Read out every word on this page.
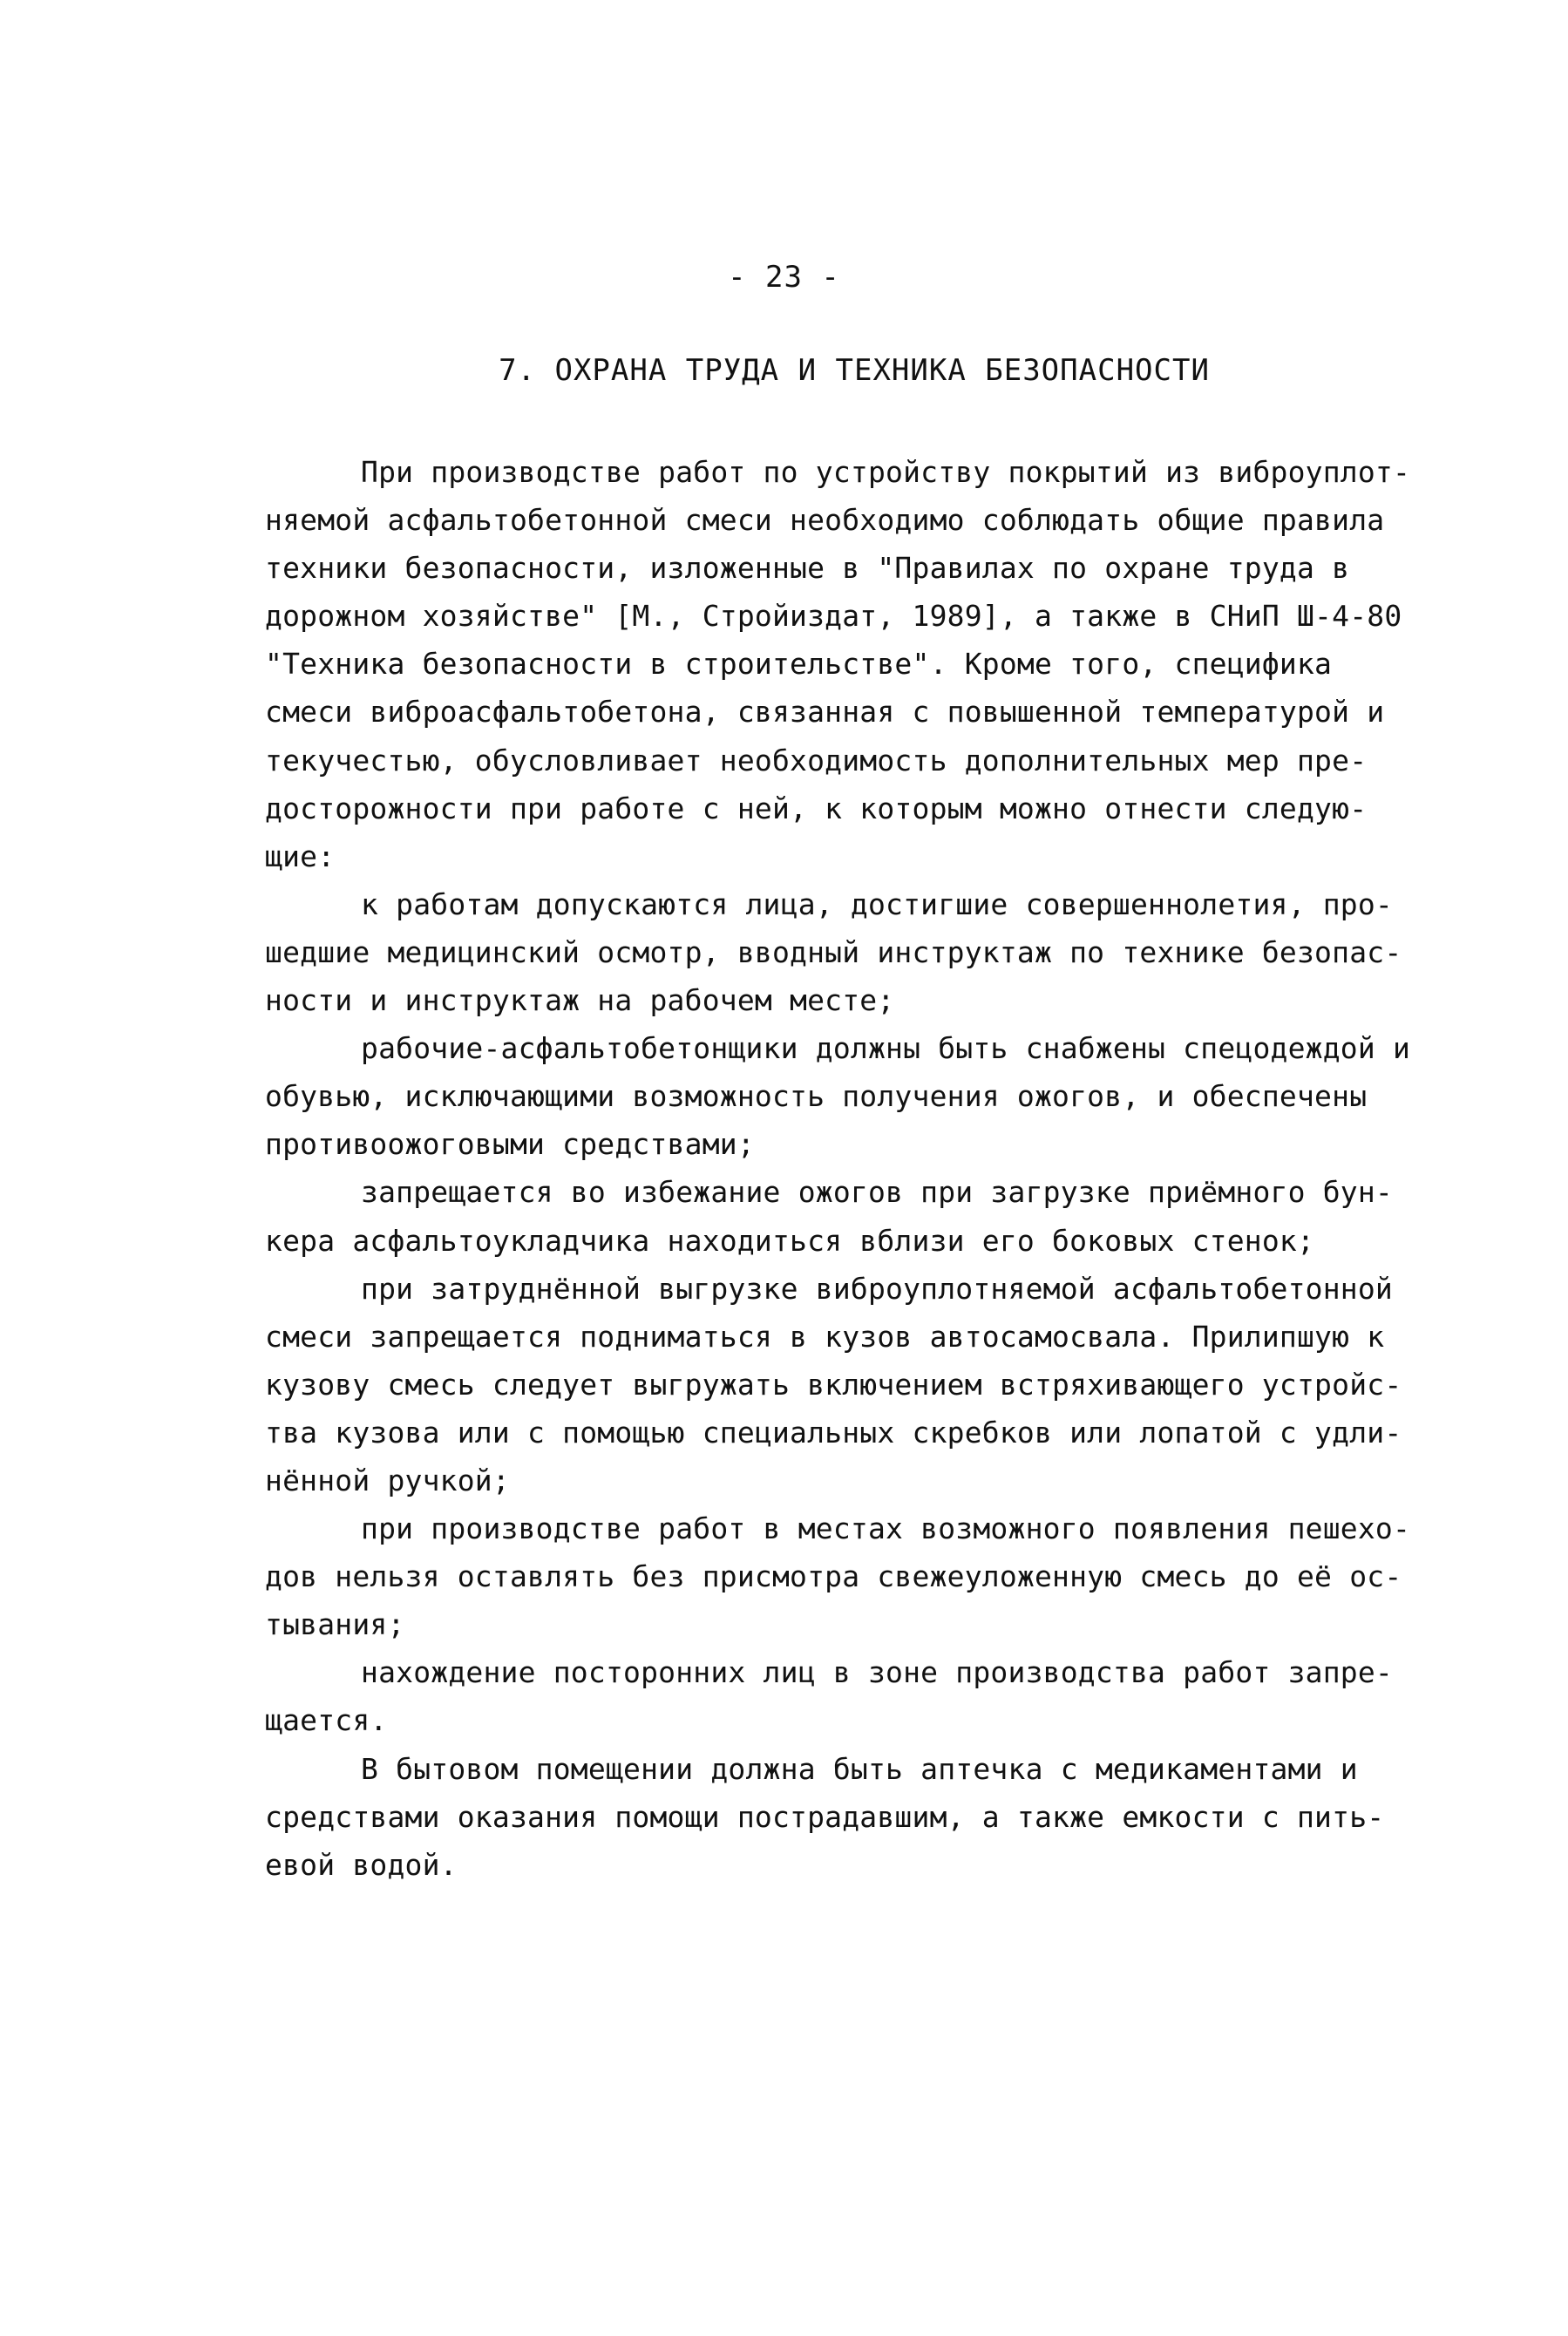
- 23 -
7. ОХРАНА ТРУДА И ТЕХНИКА БЕЗОПАСНОСТИ

При производстве работ по устройству покрытий из виброуплот-
няемой асфальтобетонной смеси необходимо соблюдать общие правила
техники безопасности, изложенные в "Правилах по охране труда в
дорожном хозяйстве" [М., Стройиздат, 1989], а также в СНиП Ш-4-80
"Техника безопасности в строительстве". Кроме того, специфика
смеси виброасфальтобетона, связанная с повышенной температурой и
текучестью, обусловливает необходимость дополнительных мер пре-
досторожности при работе с ней, к которым можно отнести следую-
щие:

к работам допускаются лица, достигшие совершеннолетия, про-
шедшие медицинский осмотр, вводный инструктаж по технике безопас-
ности и инструктаж на рабочем месте;

рабочие-асфальтобетонщики должны быть снабжены спецодеждой и
обувью, исключающими возможность получения ожогов, и обеспечены
противоожоговыми средствами;

запрещается во избежание ожогов при загрузке приёмного бун-
кера асфальтоукладчика находиться вблизи его боковых стенок;

при затруднённой выгрузке виброуплотняемой асфальтобетонной
смеси запрещается подниматься в кузов автосамосвала. Прилипшую к
кузову смесь следует выгружать включением встряхивающего устройс-
тва кузова или с помощью специальных скребков или лопатой с удли-
нённой ручкой;

при производстве работ в местах возможного появления пешехо-
дов нельзя оставлять без присмотра свежеуложенную смесь до её ос-
тывания;

нахождение посторонних лиц в зоне производства работ запре-
щается.

В бытовом помещении должна быть аптечка с медикаментами и
средствами оказания помощи пострадавшим, а также емкости с пить-
евой водой.
